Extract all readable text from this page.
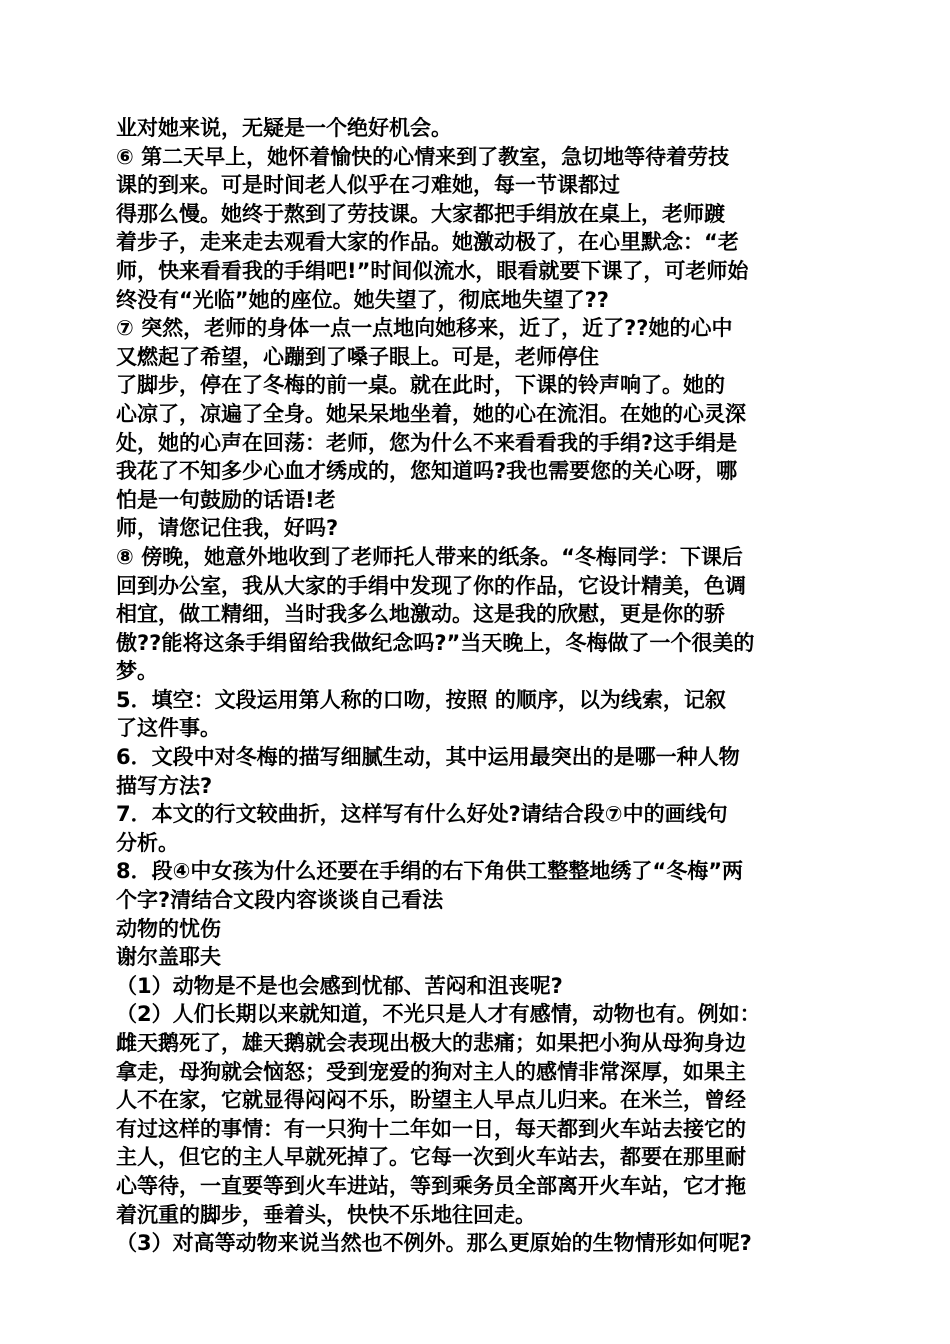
业对她来说，无疑是一个绝好机会。
⑥ 第二天早上，她怀着愉快的心情来到了教室，急切地等待着劳技
课的到来。可是时间老人似乎在刁难她，每一节课都过
得那么慢。她终于熬到了劳技课。大家都把手绢放在桌上，老师踱
着步子，走来走去观看大家的作品。她激动极了，在心里默念：“老
师，快来看看我的手绢吧!”时间似流水，眼看就要下课了，可老师始
终没有“光临”她的座位。她失望了，彻底地失望了??
⑦ 突然，老师的身体一点一点地向她移来，近了，近了??她的心中
又燃起了希望，心蹦到了嗓子眼上。可是，老师停住
了脚步，停在了冬梅的前一桌。就在此时，下课的铃声响了。她的
心凉了，凉遍了全身。她呆呆地坐着，她的心在流泪。在她的心灵深
处，她的心声在回荡：老师，您为什么不来看看我的手绢?这手绢是
我花了不知多少心血才绣成的，您知道吗?我也需要您的关心呀，哪
怕是一句鼓励的话语!老
师，请您记住我，好吗?
⑧ 傍晚，她意外地收到了老师托人带来的纸条。“冬梅同学：下课后
回到办公室，我从大家的手绢中发现了你的作品，它设计精美，色调
相宜，做工精细，当时我多么地激动。这是我的欣慰，更是你的骄
傲??能将这条手绢留给我做纪念吗?”当天晚上，冬梅做了一个很美的
梦。
5．填空：文段运用第人称的口吻，按照 的顺序，以为线索，记叙
了这件事。
6．文段中对冬梅的描写细腻生动，其中运用最突出的是哪一种人物
描写方法?
7．本文的行文较曲折，这样写有什么好处?请结合段⑦中的画线句
分析。
8．段④中女孩为什么还要在手绢的右下角供工整整地绣了“冬梅”两
个字?清结合文段内容谈谈自己看法
动物的忧伤
谢尔盖耶夫
（1）动物是不是也会感到忧郁、苦闷和沮丧呢?
（2）人们长期以来就知道，不光只是人才有感情，动物也有。例如：
雌天鹅死了，雄天鹅就会表现出极大的悲痛；如果把小狗从母狗身边
拿走，母狗就会恼怒；受到宠爱的狗对主人的感情非常深厚，如果主
人不在家，它就显得闷闷不乐，盼望主人早点儿归来。在米兰，曾经
有过这样的事情：有一只狗十二年如一日，每天都到火车站去接它的
主人，但它的主人早就死掉了。它每一次到火车站去，都要在那里耐
心等待，一直要等到火车进站，等到乘务员全部离开火车站，它才拖
着沉重的脚步，垂着头，快快不乐地往回走。
（3）对高等动物来说当然也不例外。那么更原始的生物情形如何呢?
